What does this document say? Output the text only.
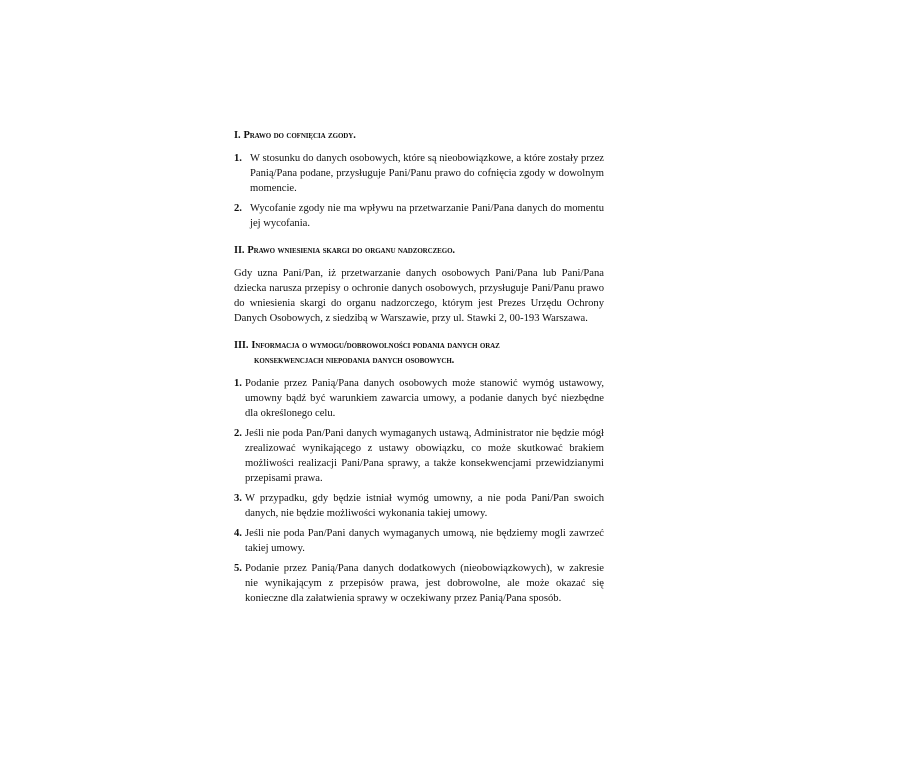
I. Prawo do cofnięcia zgody.
1. W stosunku do danych osobowych, które są nieobowiązkowe, a które zostały przez Panią/Pana podane, przysługuje Pani/Panu prawo do cofnięcia zgody w dowolnym momencie.
2. Wycofanie zgody nie ma wpływu na przetwarzanie Pani/Pana danych do momentu jej wycofania.
II. Prawo wniesienia skargi do organu nadzorczego.

Gdy uzna Pani/Pan, iż przetwarzanie danych osobowych Pani/Pana lub Pani/Pana dziecka narusza przepisy o ochronie danych osobowych, przysługuje Pani/Panu prawo do wniesienia skargi do organu nadzorczego, którym jest Prezes Urzędu Ochrony Danych Osobowych, z siedzibą w Warszawie, przy ul. Stawki 2, 00-193 Warszawa.

III. Informacja o wymogu/dobrowolności podania danych oraz
konsekwencjach niepodania danych osobowych.
1. Podanie przez Panią/Pana danych osobowych może stanowić wymóg ustawowy, umowny bądź być warunkiem zawarcia umowy, a podanie danych być niezbędne dla określonego celu.
2. Jeśli nie poda Pan/Pani danych wymaganych ustawą, Administrator nie będzie mógł zrealizować wynikającego z ustawy obowiązku, co może skutkować brakiem możliwości realizacji Pani/Pana sprawy, a także konsekwencjami przewidzianymi przepisami prawa.
3. W przypadku, gdy będzie istniał wymóg umowny, a nie poda Pani/Pan swoich danych, nie będzie możliwości wykonania takiej umowy.
4. Jeśli nie poda Pan/Pani danych wymaganych umową, nie będziemy mogli zawrzeć takiej umowy.
5. Podanie przez Panią/Pana danych dodatkowych (nieobowiązkowych), w zakresie nie wynikającym z przepisów prawa, jest dobrowolne, ale może okazać się konieczne dla załatwienia sprawy w oczekiwany przez Panią/Pana sposób.
